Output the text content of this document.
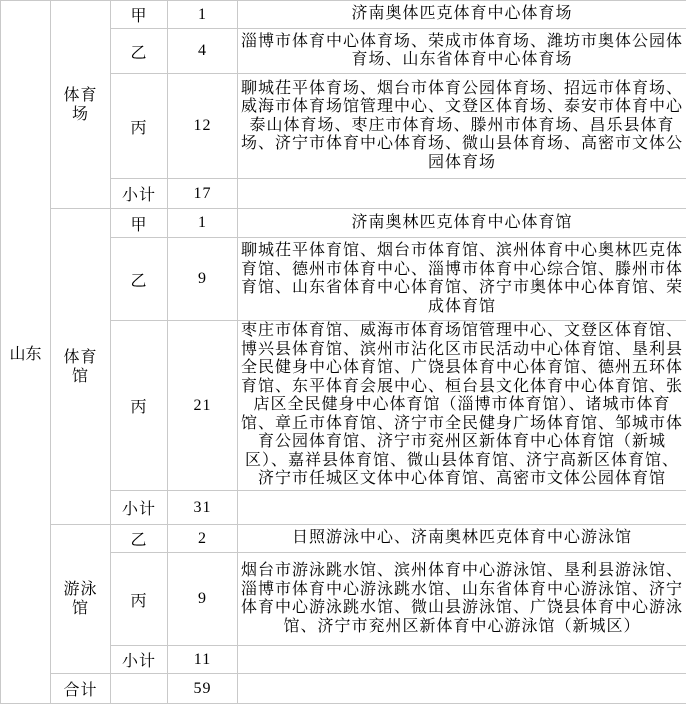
山东	体育场	甲	1	济南奥体匹克体育中心体育场
		乙	4	淄博市体育中心体育场、荣成市体育场、潍坊市奥体公园体育场、山东省体育中心体育场
		丙	12	聊城茌平体育场、烟台市体育公园体育场、招远市体育场、威海市体育场馆管理中心、文登区体育场、泰安市体育中心泰山体育场、枣庄市体育场、滕州市体育场、昌乐县体育场、济宁市体育中心体育场、微山县体育场、高密市文体公园体育场
		小计	17	
	体育馆	甲	1	济南奥林匹克体育中心体育馆
		乙	9	聊城茌平体育馆、烟台市体育馆、滨州体育中心奥林匹克体育馆、德州市体育中心、淄博市体育中心综合馆、滕州市体育馆、山东省体育中心体育馆、济宁市奥体中心体育馆、荣成体育馆
		丙	21	枣庄市体育馆、威海市体育场馆管理中心、文登区体育馆、博兴县体育馆、滨州市沾化区市民活动中心体育馆、垦利县全民健身中心体育馆、广饶县体育中心体育馆、德州五环体育馆、东平体育会展中心、桓台县文化体育中心体育馆、张店区全民健身中心体育馆（淄博市体育馆）、诸城市体育馆、章丘市体育馆、济宁市全民健身广场体育馆、邹城市体育公园体育馆、济宁市兖州区新体育中心体育馆（新城区）、嘉祥县体育馆、微山县体育馆、济宁高新区体育馆、济宁市任城区文体中心体育馆、高密市文体公园体育馆
		小计	31	
	游泳馆	乙	2	日照游泳中心、济南奥林匹克体育中心游泳馆
		丙	9	烟台市游泳跳水馆、滨州体育中心游泳馆、垦利县游泳馆、淄博市体育中心游泳跳水馆、山东省体育中心游泳馆、济宁体育中心游泳跳水馆、微山县游泳馆、广饶县体育中心游泳馆、济宁市兖州区新体育中心游泳馆（新城区）
		小计	11	
	合计		59	
